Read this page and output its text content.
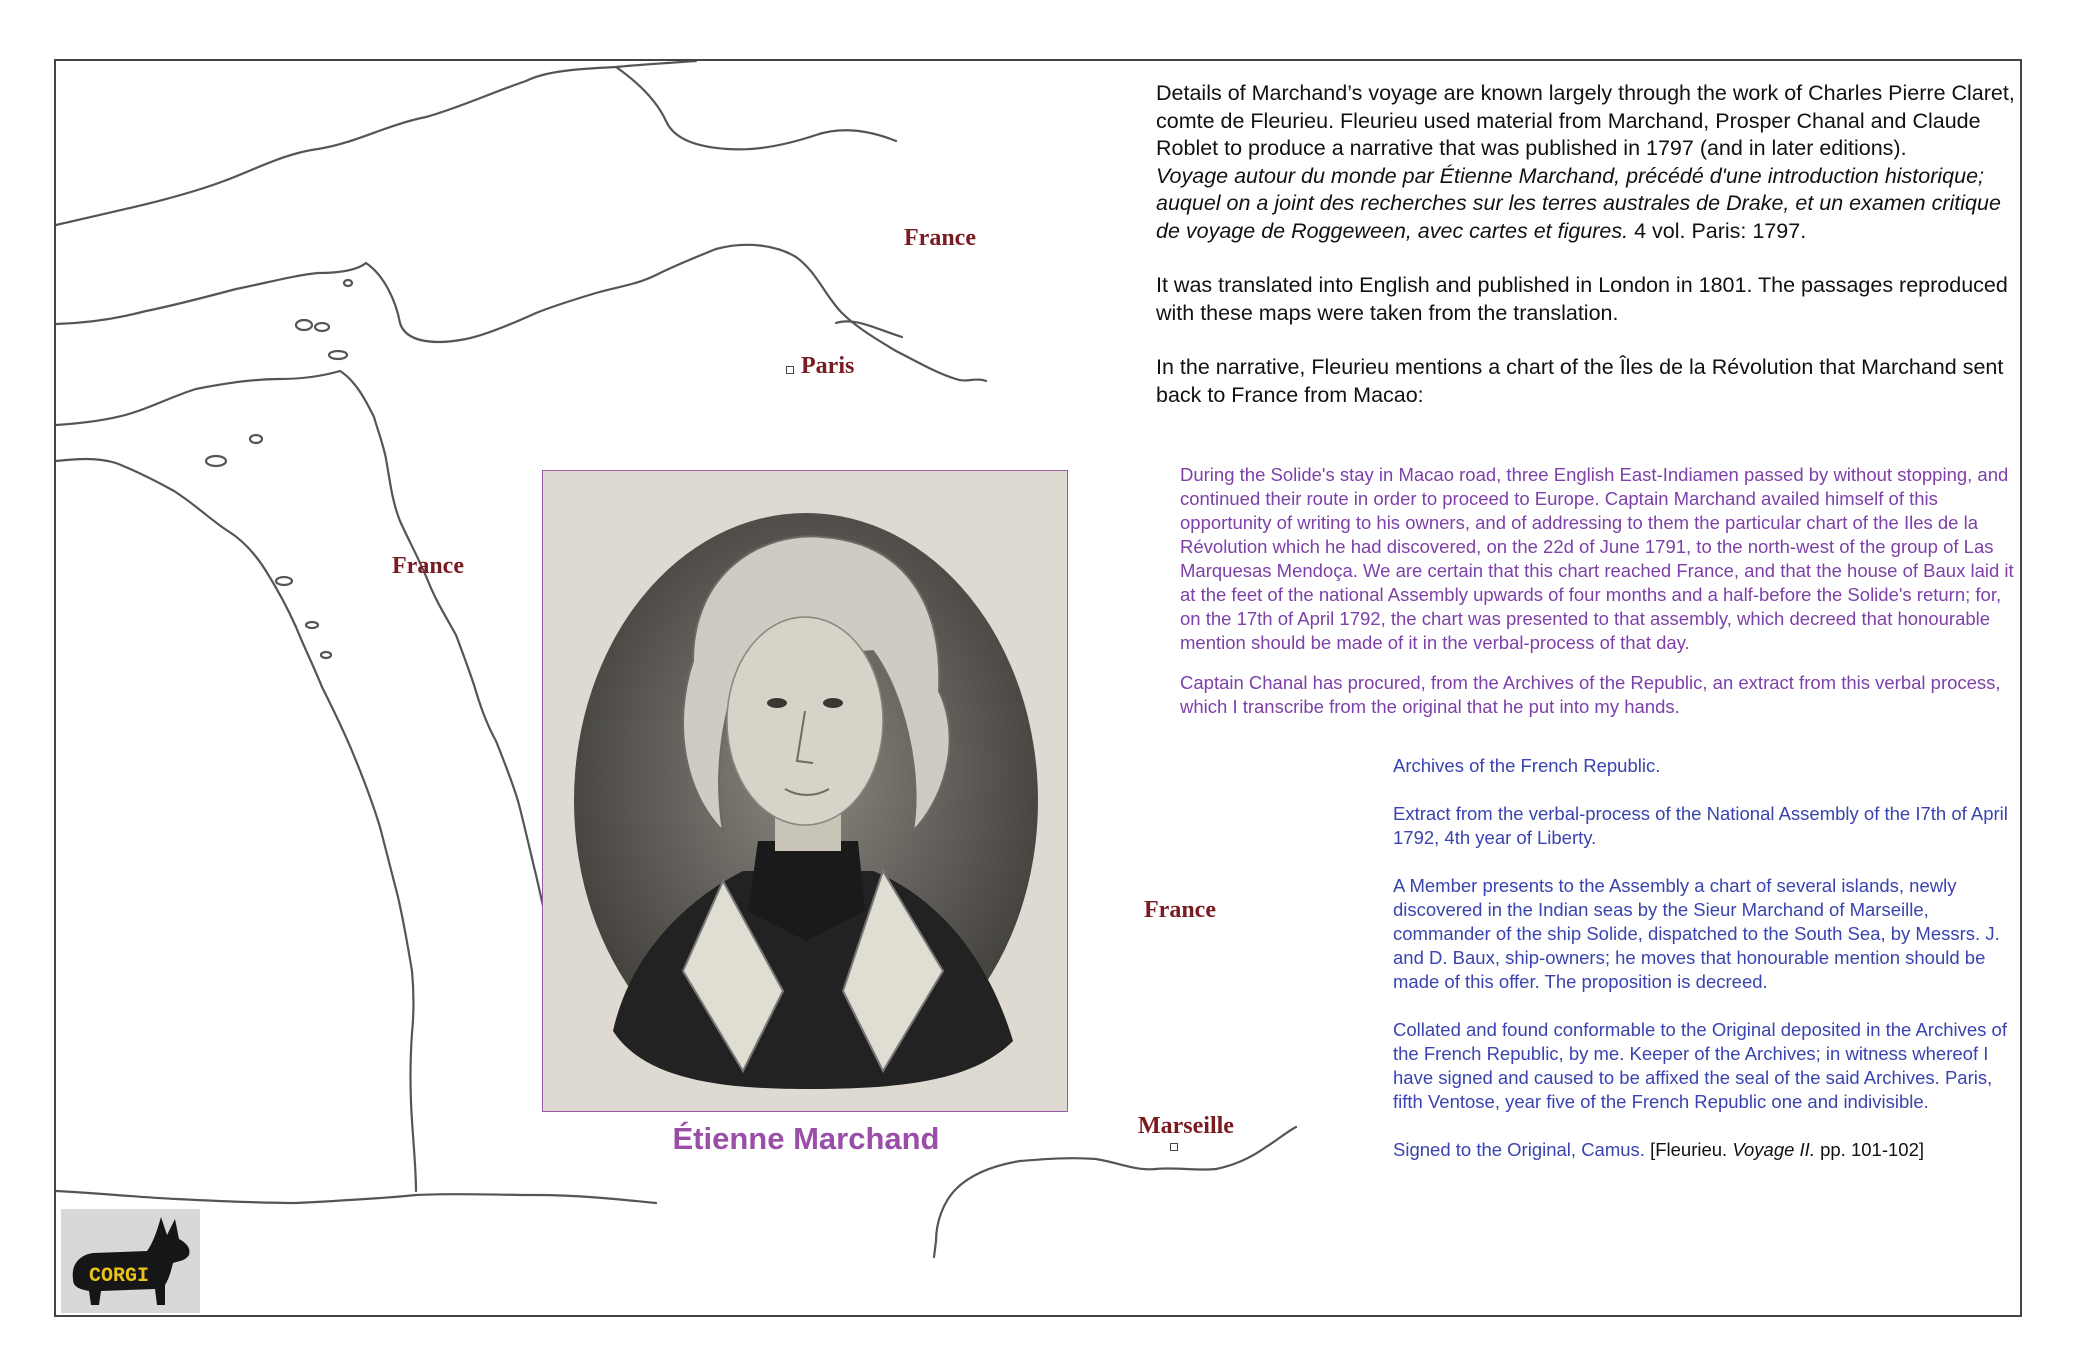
France
Paris
France
France
Marseille
Étienne Marchand

Details of Marchand’s voyage are known largely through the work of Charles Pierre Claret, comte de Fleurieu. Fleurieu used material from Marchand, Prosper Chanal and Claude Roblet to produce a narrative that was published in 1797 (and in later editions).

Voyage autour du monde par Étienne Marchand, précédé d'une introduction historique; auquel on a joint des recherches sur les terres australes de Drake, et un examen critique de voyage de Roggeween, avec cartes et figures. 4 vol. Paris: 1797.

It was translated into English and published in London in 1801. The passages reproduced with these maps were taken from the translation.

In the narrative, Fleurieu mentions a chart of the Îles de la Révolution that Marchand sent back to France from Macao:

During the Solide's stay in Macao road, three English East-Indiamen passed by without stopping, and continued their route in order to proceed to Europe. Captain Marchand availed himself of this opportunity of writing to his owners, and of addressing to them the particular chart of the Iles de la Révolution which he had discovered, on the 22d of June 1791, to the north-west of the group of Las Marquesas Mendoça. We are certain that this chart reached France, and that the house of Baux laid it at the feet of the national Assembly upwards of four months and a half-before the Solide's return; for, on the 17th of April 1792, the chart was presented to that assembly, which decreed that honourable mention should be made of it in the verbal-process of that day.

Captain Chanal has procured, from the Archives of the Republic, an extract from this verbal process, which I transcribe from the original that he put into my hands.

Archives of the French Republic.

Extract from the verbal-process of the National Assembly of the I7th of April 1792, 4th year of Liberty.

A Member presents to the Assembly a chart of several islands, newly discovered in the Indian seas by the Sieur Marchand of Marseille, commander of the ship Solide, dispatched to the South Sea, by Messrs. J. and D. Baux, ship-owners; he moves that honourable mention should be made of this offer. The proposition is decreed.

Collated and found conformable to the Original deposited in the Archives of the French Republic, by me. Keeper of the Archives; in witness whereof I have signed and caused to be affixed the seal of the said Archives. Paris, fifth Ventose, year five of the French Republic one and indivisible.

Signed to the Original, Camus. [Fleurieu. Voyage II. pp. 101-102]

CORGI
